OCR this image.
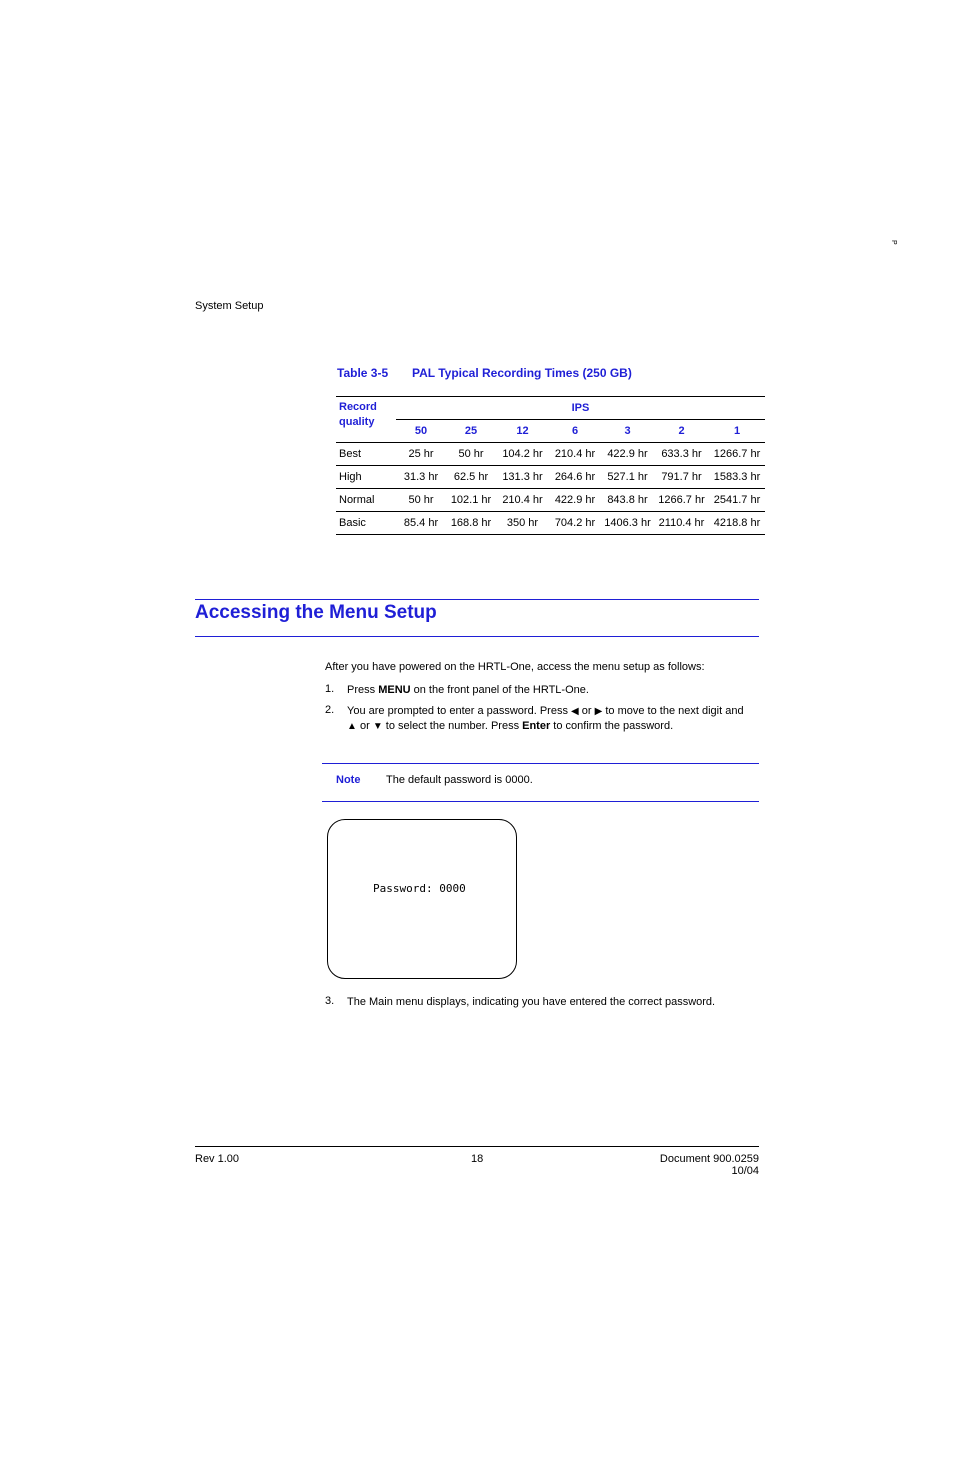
P
System Setup
Table 3-5 PAL Typical Recording Times (250 GB)
Record
quality	IPS						
	50	25	12	6	3	2	1
Best	25 hr	50 hr	104.2 hr	210.4 hr	422.9 hr	633.3 hr	1266.7 hr
High	31.3 hr	62.5 hr	131.3 hr	264.6 hr	527.1 hr	791.7 hr	1583.3 hr
Normal	50 hr	102.1 hr	210.4 hr	422.9 hr	843.8 hr	1266.7 hr	2541.7 hr
Basic	85.4 hr	168.8 hr	350 hr	704.2 hr	1406.3 hr	2110.4 hr	4218.8 hr
Accessing the Menu Setup
After you have powered on the HRTL-One, access the menu setup as follows:
1. Press MENU on the front panel of the HRTL-One.
2. You are prompted to enter a password. Press ◀ or ▶ to move to the next digit and
▲ or ▼ to select the number. Press Enter to confirm the password.
Note The default password is 0000.
Password: 0000
3. The Main menu displays, indicating you have entered the correct password.
Rev 1.00	18	Document 900.0259
10/04
